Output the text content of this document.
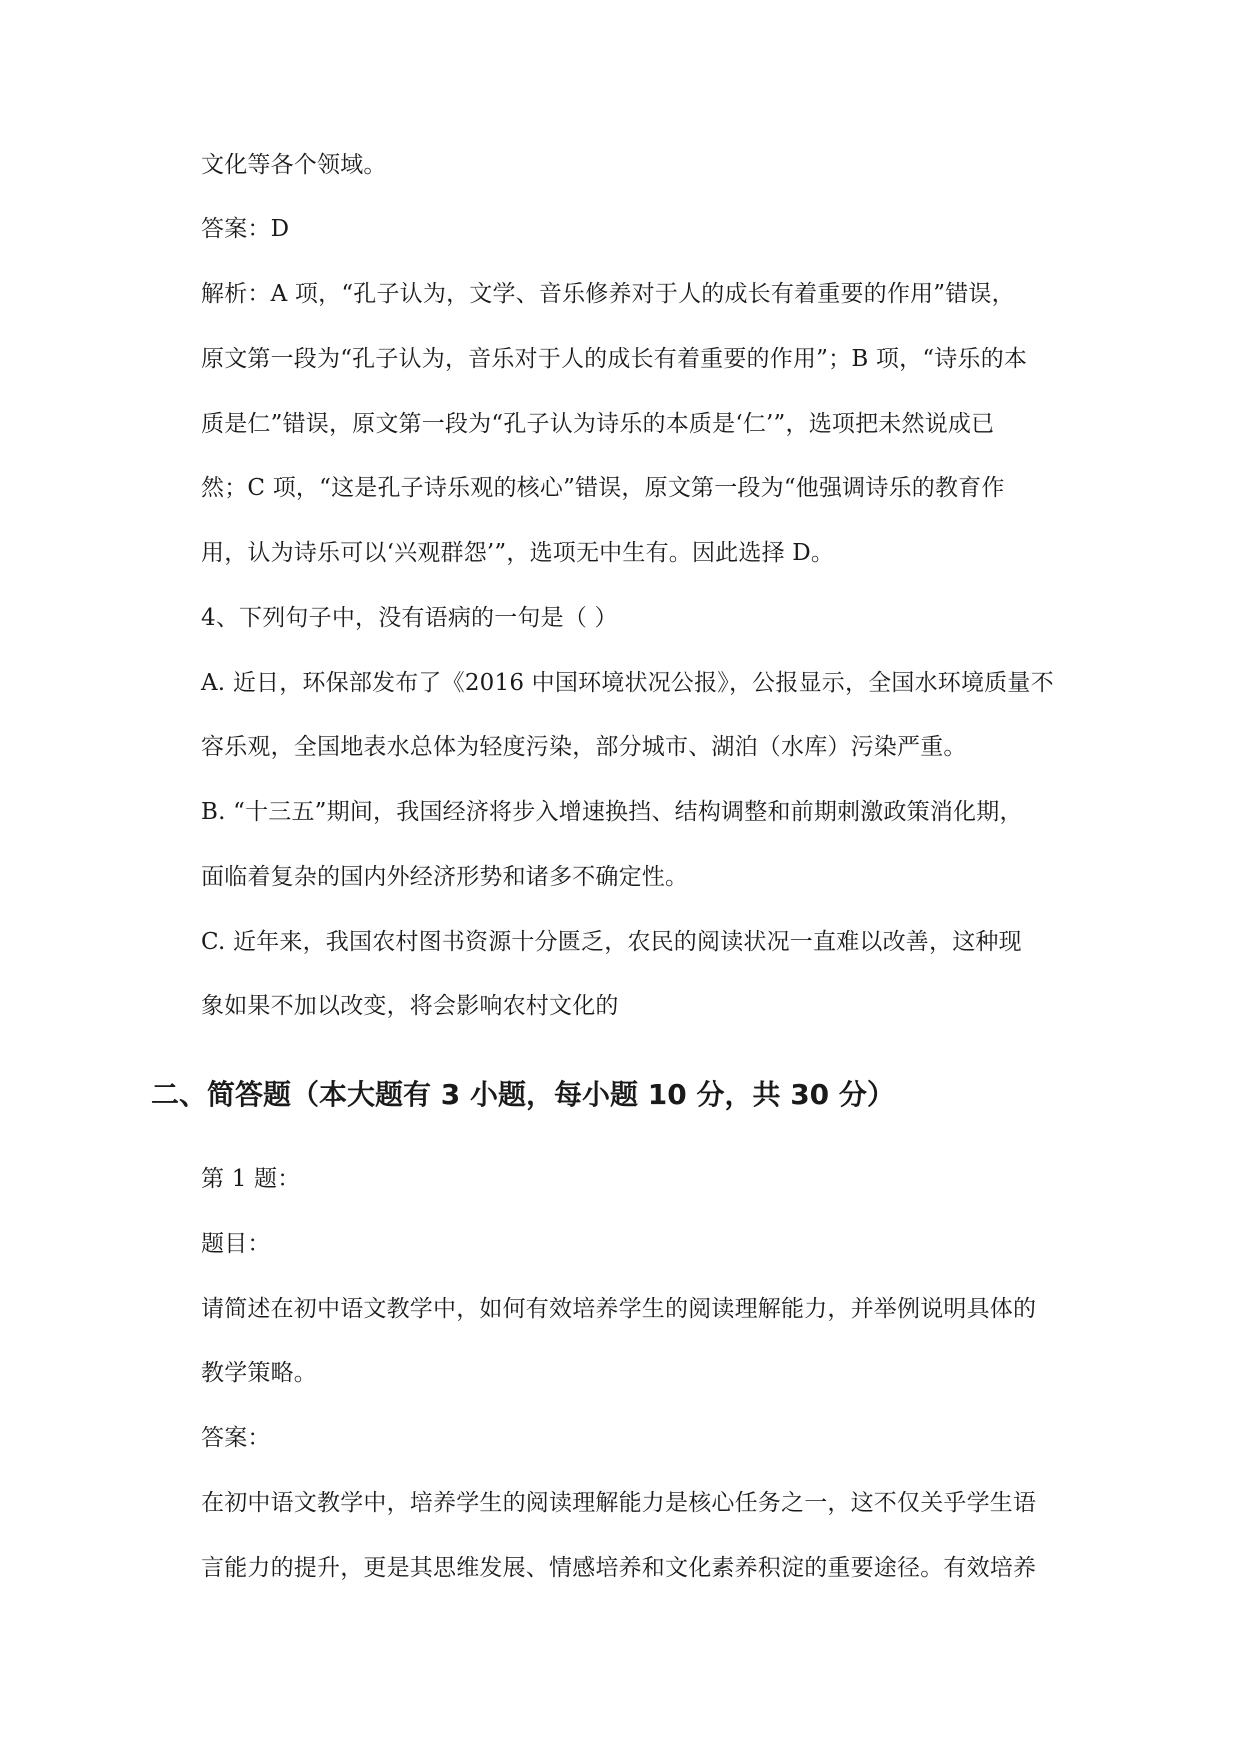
文化等各个领域。
答案：D
解析：A 项，“孔子认为，文学、音乐修养对于人的成长有着重要的作用”错误，
原文第一段为“孔子认为，音乐对于人的成长有着重要的作用”；B 项，“诗乐的本
质是仁”错误，原文第一段为“孔子认为诗乐的本质是‘仁’”，选项把未然说成已
然；C 项，“这是孔子诗乐观的核心”错误，原文第一段为“他强调诗乐的教育作
用，认为诗乐可以‘兴观群怨’”，选项无中生有。因此选择 D。
4、下列句子中，没有语病的一句是（ ）
A. 近日，环保部发布了《2016 中国环境状况公报》，公报显示，全国水环境质量不
容乐观，全国地表水总体为轻度污染，部分城市、湖泊（水库）污染严重。
B. “十三五”期间，我国经济将步入增速换挡、结构调整和前期刺激政策消化期，
面临着复杂的国内外经济形势和诸多不确定性。
C. 近年来，我国农村图书资源十分匮乏，农民的阅读状况一直难以改善，这种现
象如果不加以改变，将会影响农村文化的
二、简答题（本大题有 3 小题，每小题 10 分，共 30 分）
第 1 题：
题目：
请简述在初中语文教学中，如何有效培养学生的阅读理解能力，并举例说明具体的
教学策略。
答案：
在初中语文教学中，培养学生的阅读理解能力是核心任务之一，这不仅关乎学生语
言能力的提升，更是其思维发展、情感培养和文化素养积淀的重要途径。有效培养
